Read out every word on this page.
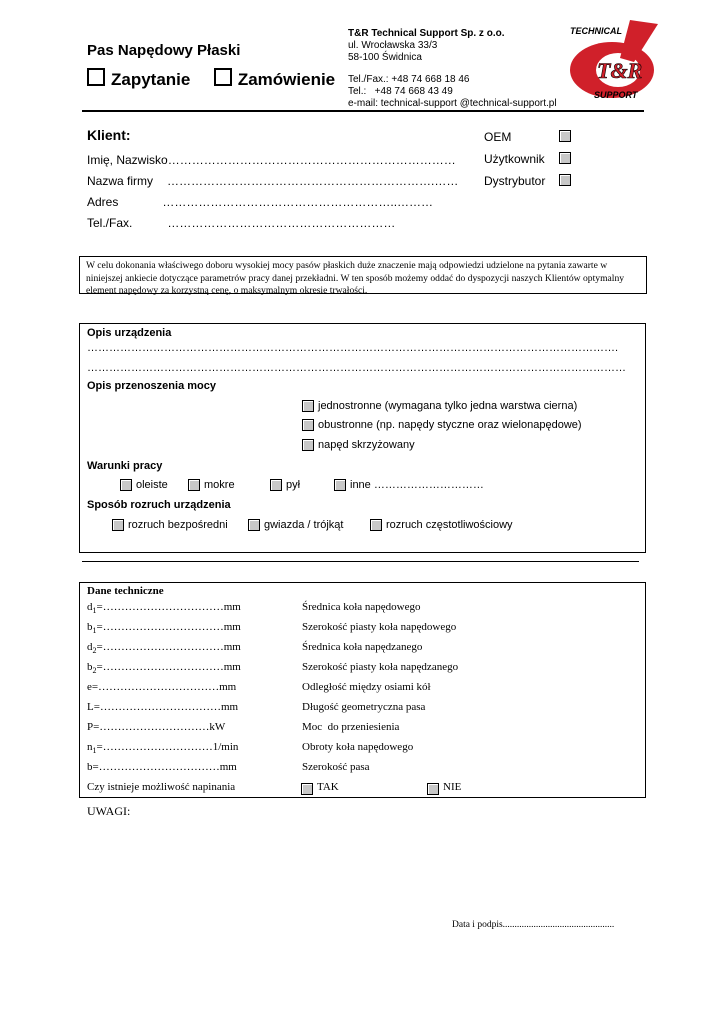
Pas Napędowy Płaski
Zapytanie	Zamówienie
T&R Technical Support Sp. z o.o.
ul. Wrocławska 33/3
58-100 Świdnica
Tel./Fax.: +48 74 668 18 46
Tel.:   +48 74 668 43 49
e-mail: technical-support @technical-support.pl
TECHNICAL
T&R
SUPPORT
Klient:
Imię, Nazwisko………………………………………………………………
Nazwa firmy ………………………………………………………….……
Adres	…………………………………………………..………
Tel./Fax.	…………………………………………………
OEM
Użytkownik
Dystrybutor
W celu dokonania właściwego doboru wysokiej mocy pasów płaskich duże znaczenie mają odpowiedzi udzielone na pytania zawarte w niniejszej ankiecie dotyczące parametrów pracy danej przekładni. W ten sposób możemy oddać do dyspozycji naszych Klientów optymalny element napędowy za korzystną cenę, o maksymalnym okresie trwałości.
Opis urządzenia
……………………………………………………………………………………………………………………………….
…………………………………………………………………………………………………………………………………
Opis przenoszenia mocy
jednostronne (wymagana tylko jedna warstwa cierna)
obustronne (np. napędy styczne oraz wielonapędowe)
napęd skrzyżowany
Warunki pracy
oleiste	mokre	pył	inne …………………………
Sposób rozruch urządzenia
rozruch bezpośredni	gwiazda / trójkąt	rozruch częstotliwościowy
Dane techniczne
$d_1=\dots\dots\dots\dots\dots\dots\dots\dots\dots\dots\dots mm$	Średnica koła napędowego
$b_1=\dots\dots\dots\dots\dots\dots\dots\dots\dots\dots\dots mm$	Szerokość piasty koła napędowego
$d_2=\dots\dots\dots\dots\dots\dots\dots\dots\dots\dots\dots mm$	Średnica koła napędzanego
$b_2=\dots\dots\dots\dots\dots\dots\dots\dots\dots\dots\dots mm$	Szerokość piasty koła napędzanego
e=……………………………mm	Odległość między osiami kół
L=……………………………mm	Długość geometryczna pasa
P=…………………………kW	Moc  do przeniesienia
$n_1=\dots\dots\dots\dots\dots\dots\dots\dots\dots\dots 1/\min$	Obroty koła napędowego
b=……………………………mm	Szerokość pasa
Czy istnieje możliwość napinania	TAK	NIE
UWAGI:
Data i podpis...............................................
